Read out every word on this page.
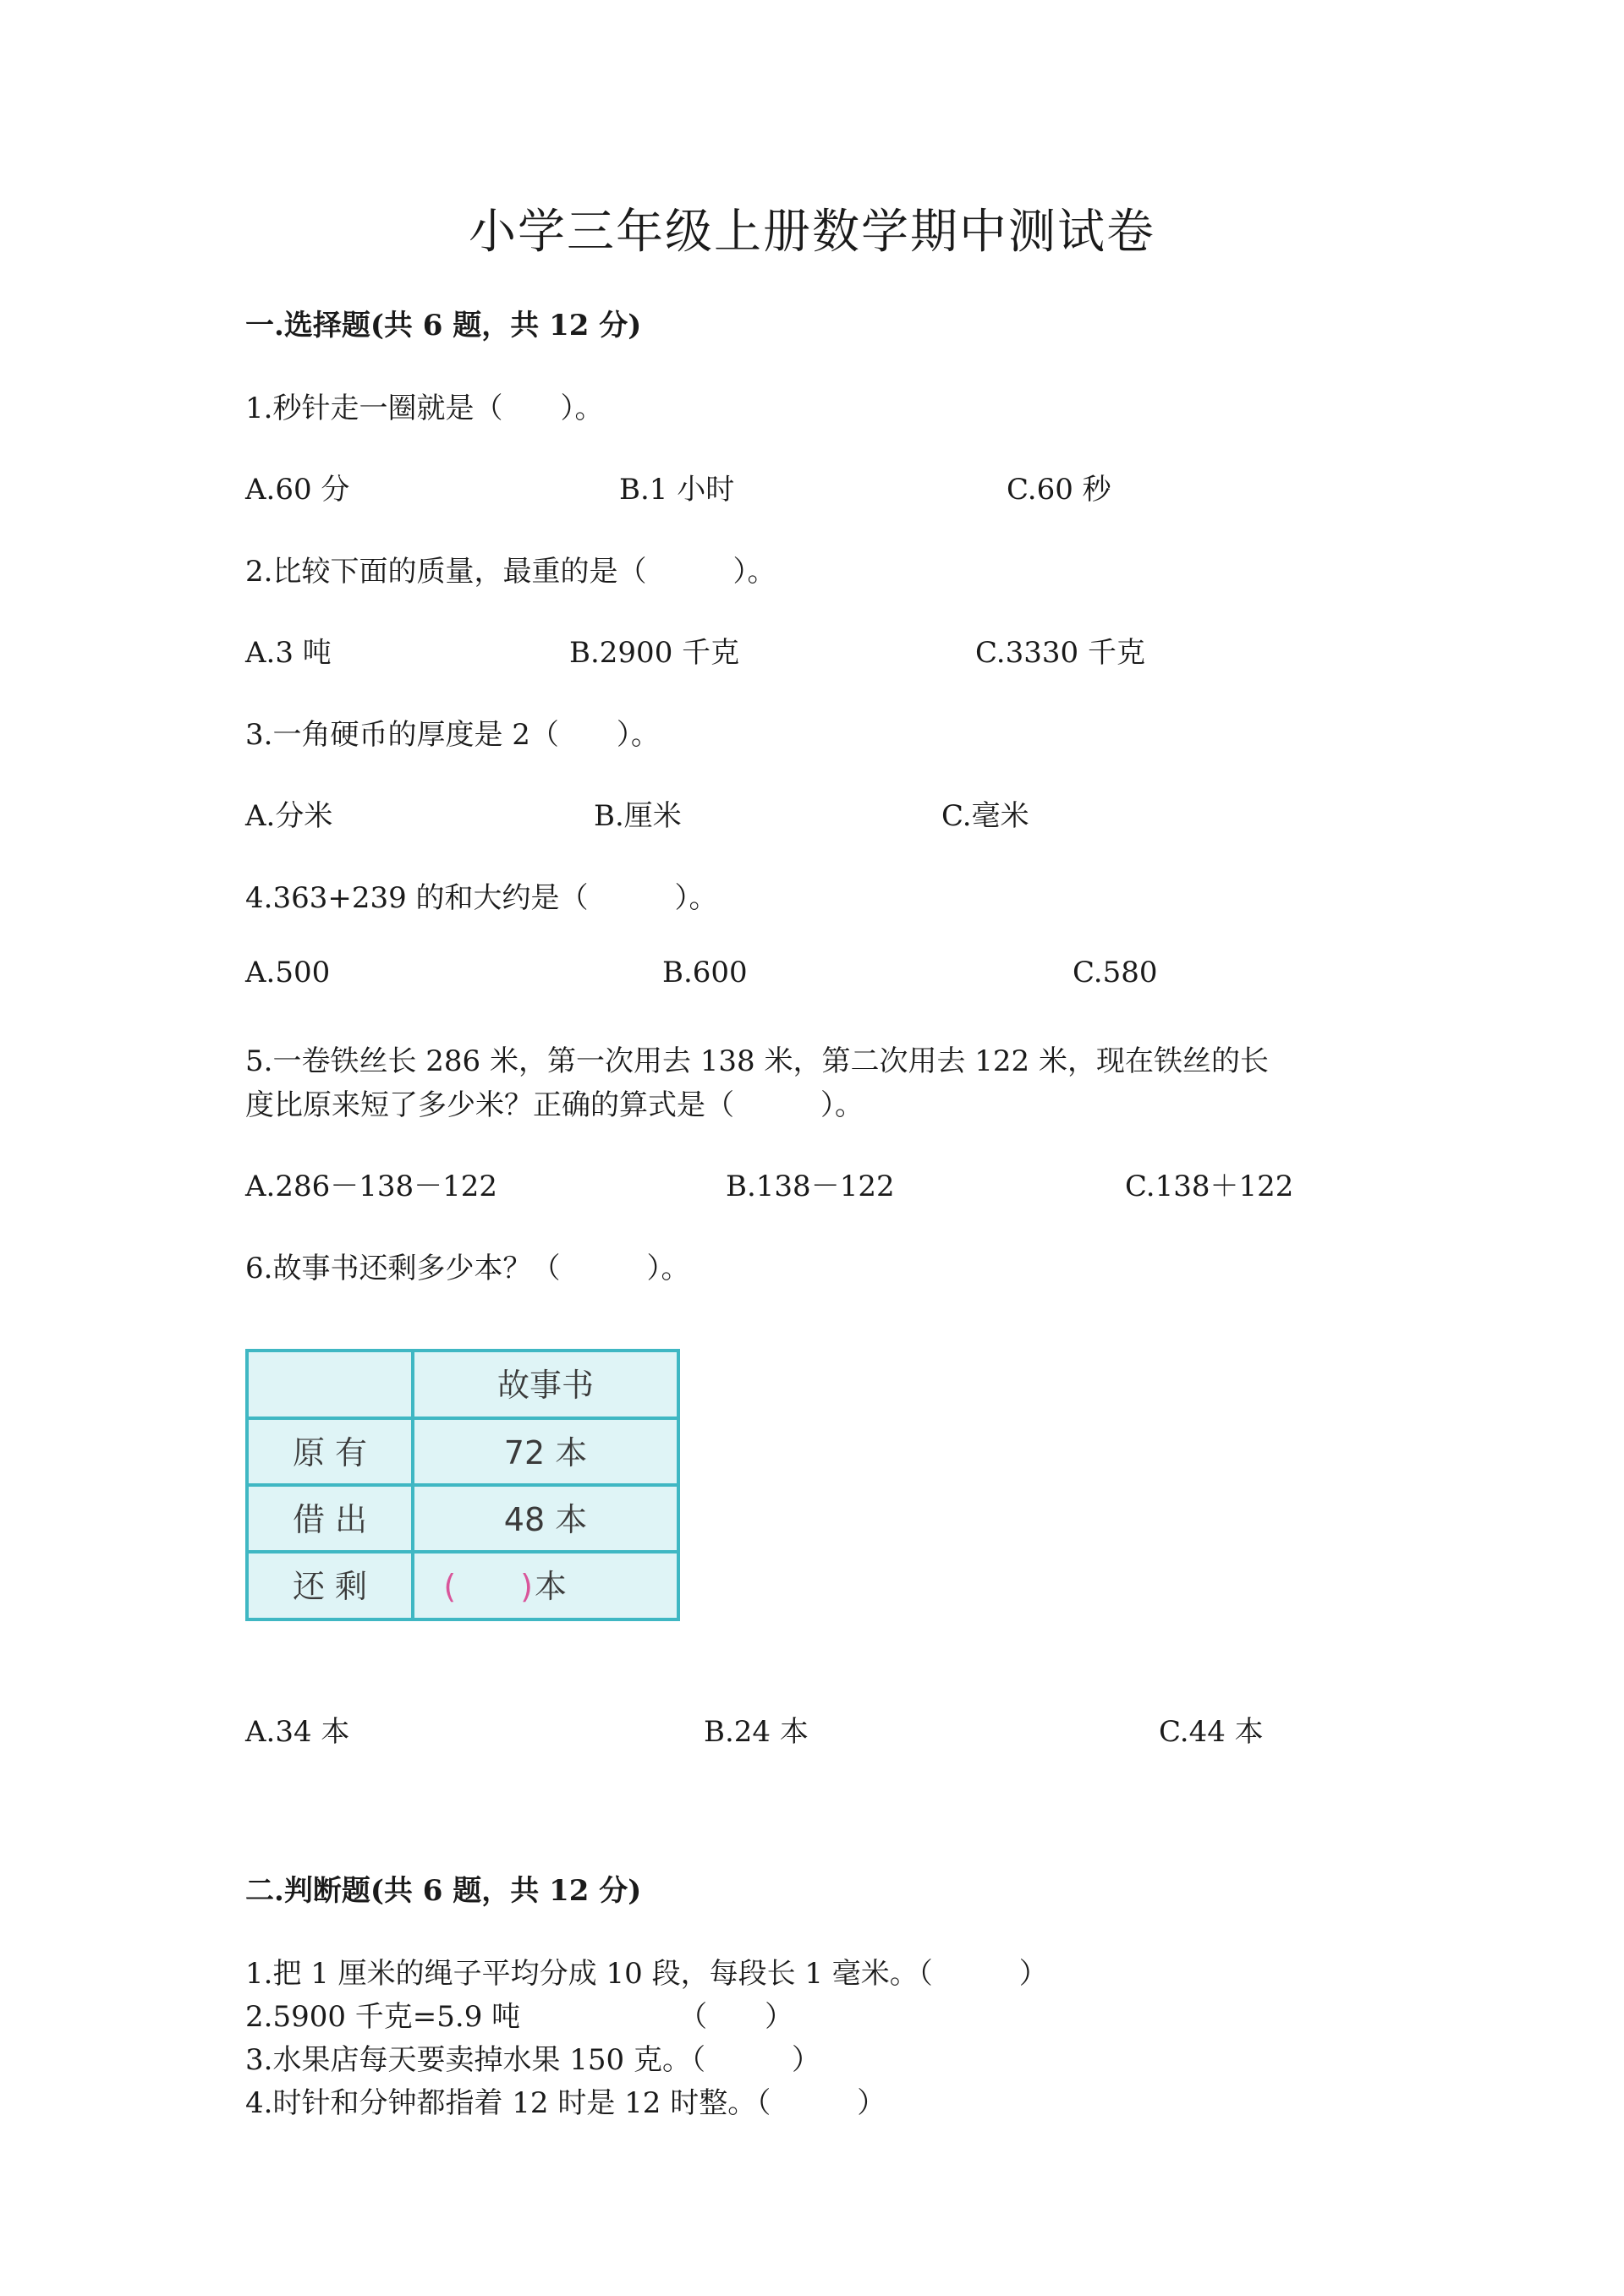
小学三年级上册数学期中测试卷
一.选择题(共 6 题，共 12 分)
1.秒针走一圈就是（　　）。
A.60 分	B.1 小时	C.60 秒
2.比较下面的质量，最重的是（　　　）。
A.3 吨	B.2900 千克	C.3330 千克
3.一角硬币的厚度是 2（　　）。
A.分米	B.厘米	C.毫米
4.363+239 的和大约是（　　　）。
A.500	B.600	C.580
5.一卷铁丝长 286 米，第一次用去 138 米，第二次用去 122 米，现在铁丝的长
度比原来短了多少米？正确的算式是（　　　）。
A.286－138－122	B.138－122	C.138＋122
6.故事书还剩多少本？（　　　）。
故事书
原 有	72 本
借 出	48 本
还 剩 (　　) 本
A.34 本	B.24 本	C.44 本
二.判断题(共 6 题，共 12 分)
1.把 1 厘米的绳子平均分成 10 段，每段长 1 毫米。（　　　）
2.5900 千克=5.9 吨　　　　　　（　　）
3.水果店每天要卖掉水果 150 克。（　　　）
4.时针和分钟都指着 12 时是 12 时整。（　　　）
